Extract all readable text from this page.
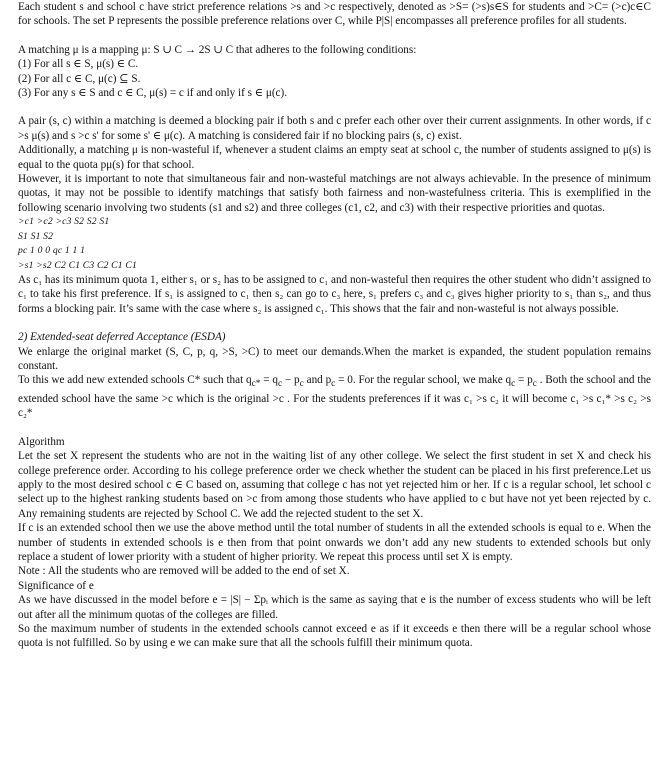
Each student s and school c have strict preference relations >s and >c respectively, denoted as >S= (>s)s∈S for students and >C= (>c)c∈C for schools. The set P represents the possible preference relations over C, while P|S| encompasses all preference profiles for all students.

A matching μ is a mapping μ: S ∪ C → 2S ∪ C that adheres to the following conditions:

(1) For all s ∈ S, μ(s) ∈ C.

(2) For all c ∈ C, μ(c) ⊆ S.

(3) For any s ∈ S and c ∈ C, μ(s) = c if and only if s ∈ μ(c).

A pair (s, c) within a matching is deemed a blocking pair if both s and c prefer each other over their current assignments. In other words, if c >s μ(s) and s >c s' for some s' ∈ μ(c). A matching is considered fair if no blocking pairs (s, c) exist.

Additionally, a matching μ is non-wasteful if, whenever a student claims an empty seat at school c, the number of students assigned to μ(s) is equal to the quota pμ(s) for that school.

However, it is important to note that simultaneous fair and non-wasteful matchings are not always achievable. In the presence of minimum quotas, it may not be possible to identify matchings that satisfy both fairness and non-wastefulness criteria. This is exemplified in the following scenario involving two students (s1 and s2) and three colleges (c1, c2, and c3) with their respective priorities and quotas.

>c1 >c2 >c3 S2 S2 S1

S1 S1 S2

pc 1 0 0 qc 1 1 1

>s1 >s2 C2 C1 C3 C2 C1 C1

As c₁ has its minimum quota 1, either s₁ or s₂ has to be assigned to c₁ and non-wasteful then requires the other student who didn’t assigned to c₁ to take his first preference. If s₁ is assigned to c₁ then s₂ can go to c₃ here, s₁ prefers c₃ and c₃ gives higher priority to s₁ than s₂, and thus forms a blocking pair. It’s same with the case where s₂ is assigned c₁. This shows that the fair and non-wasteful is not always possible.

2) Extended-seat deferred Acceptance (ESDA)

We enlarge the original market (S, C, p, q, >S, >C) to meet our demands.When the market is expanded, the student population remains constant.

To this we add new extended schools C* such that $q_{c*} = q_c - p_c$ and $p_c = 0$. For the regular school, we make $q_c = p_c$ . Both the school and the extended school have the same >c which is the original >c . For the students preferences if it was c₁ >s c₂ it will become c₁ >s c₁* >s c₂ >s c₂*

Algorithm

Let the set X represent the students who are not in the waiting list of any other college. We select the first student in set X and check his college preference order. According to his college preference order we check whether the student can be placed in his first preference.Let us apply to the most desired school c ∈ C based on, assuming that college c has not yet rejected him or her. If c is a regular school, let school c select up to the highest ranking students based on >c from among those students who have applied to c but have not yet been rejected by c. Any remaining students are rejected by School C. We add the rejected student to the set X.

If c is an extended school then we use the above method until the total number of students in all the extended schools is equal to e. When the number of students in extended schools is e then from that point onwards we don’t add any new students to extended schools but only replace a student of lower priority with a student of higher priority. We repeat this process until set X is empty.

Note : All the students who are removed will be added to the end of set X.

Significance of e

As we have discussed in the model before e = |S| − Σpᵢ which is the same as saying that e is the number of excess students who will be left out after all the minimum quotas of the colleges are filled.

So the maximum number of students in the extended schools cannot exceed e as if it exceeds e then there will be a regular school whose quota is not fulfilled. So by using e we can make sure that all the schools fulfill their minimum quota.
